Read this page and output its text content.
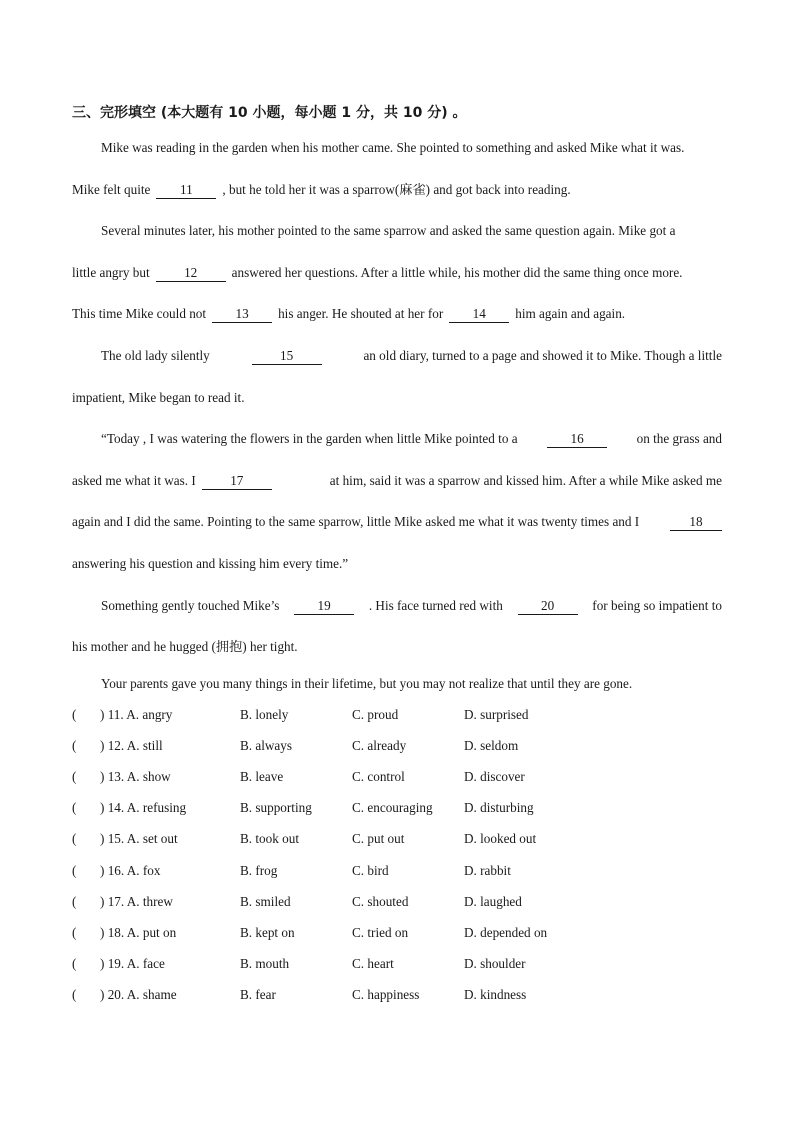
三、完形填空 (本大题有 10 小题，每小题 1 分，共 10 分) 。
Mike was reading in the garden when his mother came. She pointed to something and asked Mike what it was.
Mike felt quite 11 , but he told her it was a sparrow(麻雀) and got back into reading.
Several minutes later, his mother pointed to the same sparrow and asked the same question again. Mike got a
little angry but	12	answered her questions. After a little while, his mother did the same thing once more.
This time Mike could not 13 his anger. He shouted at her for 14 him again and again.
The old lady silently	15	an old diary, turned to a page and showed it to Mike. Though a little
impatient, Mike began to read it.
“Today , I was watering the flowers in the garden when little Mike pointed to a	16	on the grass and
asked me what it was. I	17	at him, said it was a sparrow and kissed him. After a while Mike asked me
again and I did the same. Pointing to the same sparrow, little Mike asked me what it was twenty times and I	18
answering his question and kissing him every time.”
Something gently touched Mike’s	19	. His face turned red with	20	for being so impatient to
his mother and he hugged (拥抱) her tight.
Your parents gave you many things in their lifetime, but you may not realize that until they are gone.
( ) 11. A. angry	B. lonely	C. proud	D. surprised
( ) 12. A. still	B. always	C. already	D. seldom
( ) 13. A. show	B. leave	C. control	D. discover
( ) 14. A. refusing	B. supporting	C. encouraging D. disturbing
( ) 15. A. set out	B. took out	C. put out	D. looked out
( ) 16. A. fox	B. frog	C. bird	D. rabbit
( ) 17. A. threw	B. smiled	C. shouted	D. laughed
( ) 18. A. put on	B. kept on	C. tried on	D. depended on
( ) 19. A. face	B. mouth	C. heart	D. shoulder
( ) 20. A. shame	B. fear	C. happiness	D. kindness
